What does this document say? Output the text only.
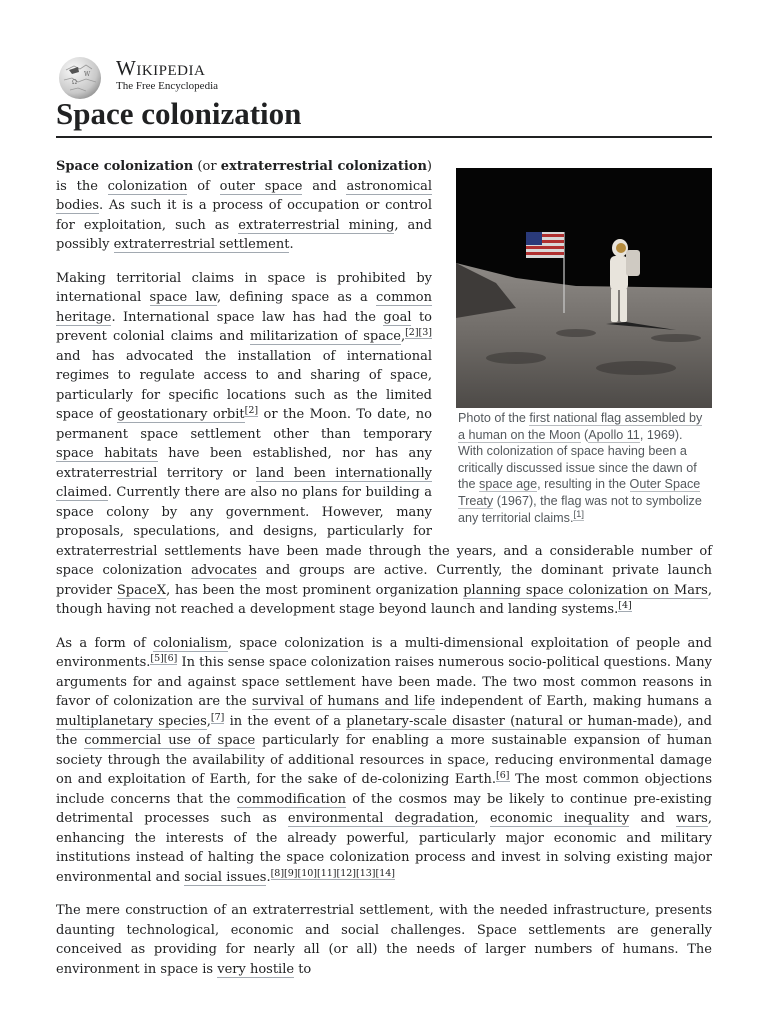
Ω
W Wikipedia
The Free Encyclopedia
Space colonization
Photo of the first national flag assembled by a human on the Moon (Apollo 11, 1969). With colonization of space having been a critically discussed issue since the dawn of the space age, resulting in the Outer Space Treaty (1967), the flag was not to symbolize any territorial claims.[1]

Space colonization (or extraterrestrial colonization) is the colonization of outer space and astronomical bodies. As such it is a process of occupation or control for exploitation, such as extraterrestrial mining, and possibly extraterrestrial settlement.

Making territorial claims in space is prohibited by international space law, defining space as a common heritage. International space law has had the goal to prevent colonial claims and militarization of space,[2][3] and has advocated the installation of international regimes to regulate access to and sharing of space, particularly for specific locations such as the limited space of geostationary orbit[2] or the Moon. To date, no permanent space settlement other than temporary space habitats have been established, nor has any extraterrestrial territory or land been internationally claimed. Currently there are also no plans for building a space colony by any government. However, many proposals, speculations, and designs, particularly for extraterrestrial settlements have been made through the years, and a considerable number of space colonization advocates and groups are active. Currently, the dominant private launch provider SpaceX, has been the most prominent organization planning space colonization on Mars, though having not reached a development stage beyond launch and landing systems.[4]

As a form of colonialism, space colonization is a multi-dimensional exploitation of people and environments.[5][6] In this sense space colonization raises numerous socio-political questions. Many arguments for and against space settlement have been made. The two most common reasons in favor of colonization are the survival of humans and life independent of Earth, making humans a multiplanetary species,[7] in the event of a planetary-scale disaster (natural or human-made), and the commercial use of space particularly for enabling a more sustainable expansion of human society through the availability of additional resources in space, reducing environmental damage on and exploitation of Earth, for the sake of de-colonizing Earth.[6] The most common objections include concerns that the commodification of the cosmos may be likely to continue pre-existing detrimental processes such as environmental degradation, economic inequality and wars, enhancing the interests of the already powerful, particularly major economic and military institutions instead of halting the space colonization process and invest in solving existing major environmental and social issues.[8][9][10][11][12][13][14]

The mere construction of an extraterrestrial settlement, with the needed infrastructure, presents daunting technological, economic and social challenges. Space settlements are generally conceived as providing for nearly all (or all) the needs of larger numbers of humans. The environment in space is very hostile to
